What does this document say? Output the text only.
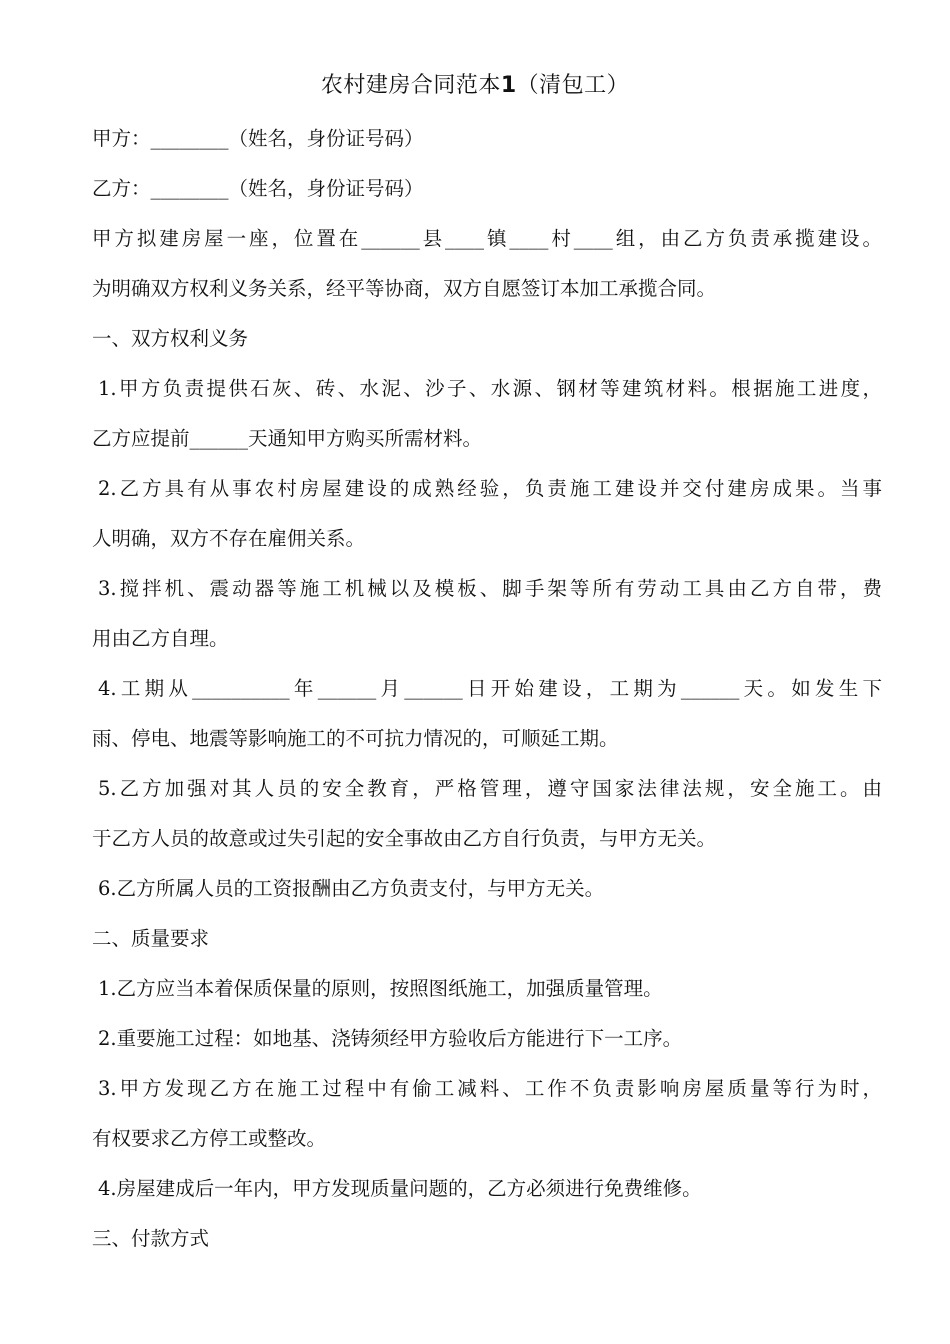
农村建房合同范本1（清包工）
甲方：________（姓名，身份证号码）
乙方：________（姓名，身份证号码）
甲方拟建房屋一座，位置在______县____镇____村____组，由乙方负责承揽建设。
为明确双方权利义务关系，经平等协商，双方自愿签订本加工承揽合同。
一、双方权利义务
1.甲方负责提供石灰、砖、水泥、沙子、水源、钢材等建筑材料。根据施工进度，
乙方应提前______天通知甲方购买所需材料。
2.乙方具有从事农村房屋建设的成熟经验，负责施工建设并交付建房成果。当事
人明确，双方不存在雇佣关系。
3.搅拌机、震动器等施工机械以及模板、脚手架等所有劳动工具由乙方自带，费
用由乙方自理。
4.工期从__________年______月______日开始建设，工期为______天。如发生下
雨、停电、地震等影响施工的不可抗力情况的，可顺延工期。
5.乙方加强对其人员的安全教育，严格管理，遵守国家法律法规，安全施工。由
于乙方人员的故意或过失引起的安全事故由乙方自行负责，与甲方无关。
6.乙方所属人员的工资报酬由乙方负责支付，与甲方无关。
二、质量要求
1.乙方应当本着保质保量的原则，按照图纸施工，加强质量管理。
2.重要施工过程：如地基、浇铸须经甲方验收后方能进行下一工序。
3.甲方发现乙方在施工过程中有偷工减料、工作不负责影响房屋质量等行为时，
有权要求乙方停工或整改。
4.房屋建成后一年内，甲方发现质量问题的，乙方必须进行免费维修。
三、付款方式
